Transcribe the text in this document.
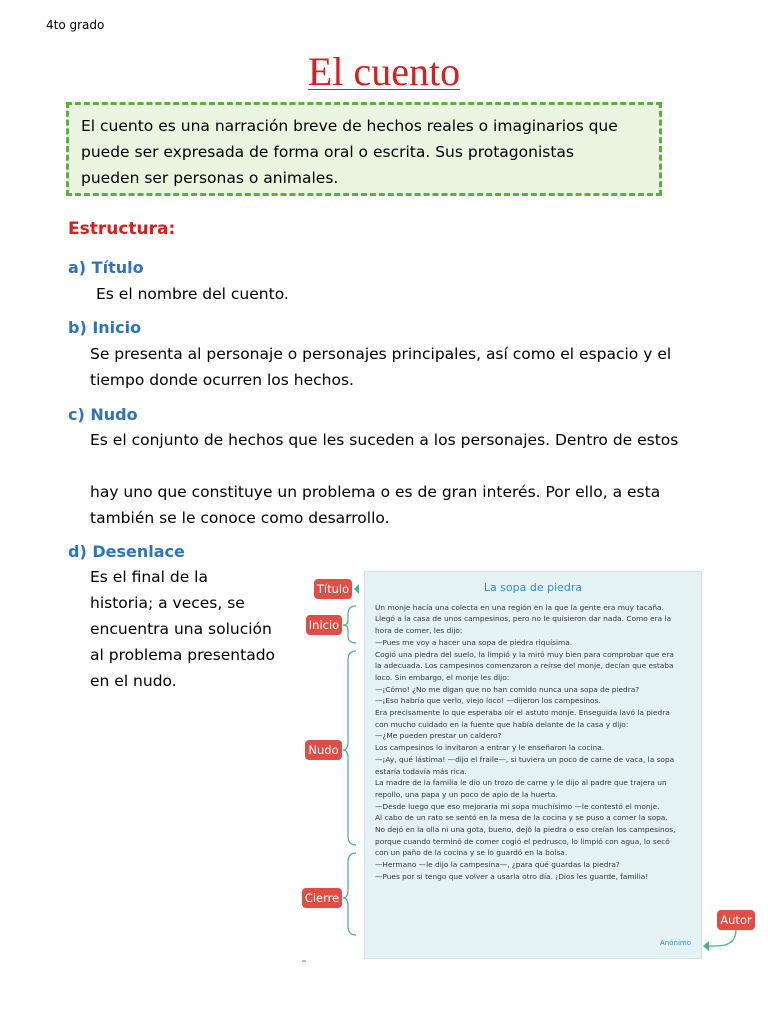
4to grado
El cuento
El cuento es una narración breve de hechos reales o imaginarios que
puede ser expresada de forma oral o escrita. Sus protagonistas
pueden ser personas o animales.
Estructura:
a) Título
Es el nombre del cuento.
b) Inicio
Se presenta al personaje o personajes principales, así como el espacio y el
tiempo donde ocurren los hechos.
c) Nudo
Es el conjunto de hechos que les suceden a los personajes. Dentro de estos
hay uno que constituye un problema o es de gran interés. Por ello, a esta
también se le conoce como desarrollo.
d) Desenlace
Es el final de la
historia; a veces, se
encuentra una solución
al problema presentado
en el nudo.
Título
Inicio
Nudo
Cierre
Autor
La sopa de piedra
Un monje hacía una colecta en una región en la que la gente era muy tacaña.
Llegó a la casa de unos campesinos, pero no le quisieron dar nada. Como era la
hora de comer, les dijo:
—Pues me voy a hacer una sopa de piedra riquísima.
Cogió una piedra del suelo, la limpió y la miró muy bien para comprobar que era
la adecuada. Los campesinos comenzaron a reírse del monje, decían que estaba
loco. Sin embargo, el monje les dijo:
—¡Cómo! ¿No me digan que no han comido nunca una sopa de piedra?
—¡Eso habría que verlo, viejo loco! —dijeron los campesinos.
Era precisamente lo que esperaba oír el astuto monje. Enseguida lavó la piedra
con mucho cuidado en la fuente que había delante de la casa y dijo:
—¿Me pueden prestar un caldero?
Los campesinos lo invitaron a entrar y le enseñaron la cocina.
—¡Ay, qué lástima! —dijo el fraile—, si tuviera un poco de carne de vaca, la sopa
estaría todavía más rica.
La madre de la familia le dio un trozo de carne y le dijo al padre que trajera un
repollo, una papa y un poco de apio de la huerta.
—Desde luego que eso mejoraría mi sopa muchísimo —le contestó el monje.
Al cabo de un rato se sentó en la mesa de la cocina y se puso a comer la sopa.
No dejó en la olla ni una gota, bueno, dejó la piedra o eso creían los campesinos,
porque cuando terminó de comer cogió el pedrusco, lo limpió con agua, lo secó
con un paño de la cocina y se lo guardó en la bolsa.
—Hermano —le dijo la campesina—, ¿para qué guardas la piedra?
—Pues por si tengo que volver a usarla otro día. ¡Dios les guarde, familia!
Anónimo
